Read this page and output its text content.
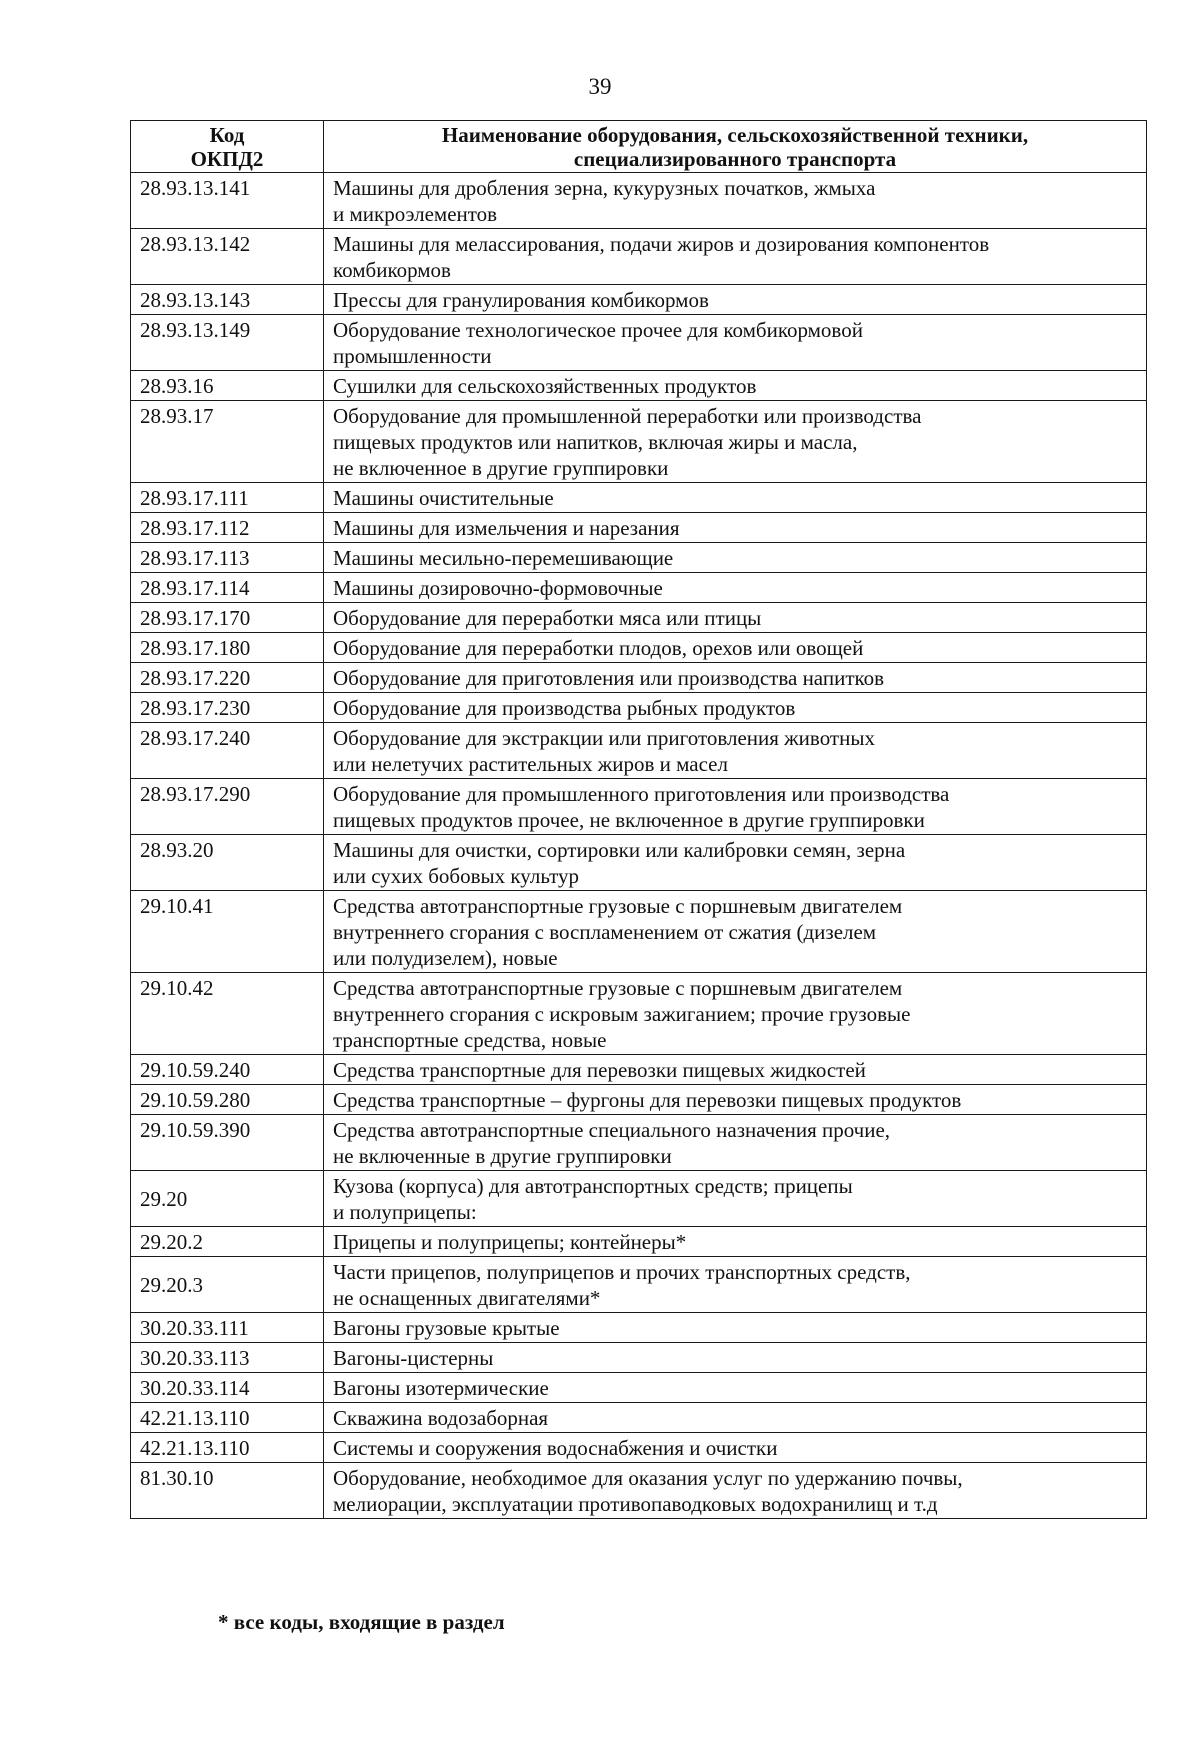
39
Код
ОКПД2	Наименование оборудования, сельскохозяйственной техники,
специализированного транспорта
28.93.13.141	Машины для дробления зерна, кукурузных початков, жмыха
и микроэлементов
28.93.13.142	Машины для мелассирования, подачи жиров и дозирования компонентов
комбикормов
28.93.13.143	Прессы для гранулирования комбикормов
28.93.13.149	Оборудование технологическое прочее для комбикормовой
промышленности
28.93.16	Сушилки для сельскохозяйственных продуктов
28.93.17	Оборудование для промышленной переработки или производства
пищевых продуктов или напитков, включая жиры и масла,
не включенное в другие группировки
28.93.17.111	Машины очистительные
28.93.17.112	Машины для измельчения и нарезания
28.93.17.113	Машины месильно-перемешивающие
28.93.17.114	Машины дозировочно-формовочные
28.93.17.170	Оборудование для переработки мяса или птицы
28.93.17.180	Оборудование для переработки плодов, орехов или овощей
28.93.17.220	Оборудование для приготовления или производства напитков
28.93.17.230	Оборудование для производства рыбных продуктов
28.93.17.240	Оборудование для экстракции или приготовления животных
или нелетучих растительных жиров и масел
28.93.17.290	Оборудование для промышленного приготовления или производства
пищевых продуктов прочее, не включенное в другие группировки
28.93.20	Машины для очистки, сортировки или калибровки семян, зерна
или сухих бобовых культур
29.10.41	Средства автотранспортные грузовые с поршневым двигателем
внутреннего сгорания с воспламенением от сжатия (дизелем
или полудизелем), новые
29.10.42	Средства автотранспортные грузовые с поршневым двигателем
внутреннего сгорания с искровым зажиганием; прочие грузовые
транспортные средства, новые
29.10.59.240	Средства транспортные для перевозки пищевых жидкостей
29.10.59.280	Средства транспортные – фургоны для перевозки пищевых продуктов
29.10.59.390	Средства автотранспортные специального назначения прочие,
не включенные в другие группировки
29.20	Кузова (корпуса) для автотранспортных средств; прицепы
и полуприцепы:
29.20.2	Прицепы и полуприцепы; контейнеры*
29.20.3	Части прицепов, полуприцепов и прочих транспортных средств,
не оснащенных двигателями*
30.20.33.111	Вагоны грузовые крытые
30.20.33.113	Вагоны-цистерны
30.20.33.114	Вагоны изотермические
42.21.13.110	Скважина водозаборная
42.21.13.110	Системы и сооружения водоснабжения и очистки
81.30.10	Оборудование, необходимое для оказания услуг по удержанию почвы,
мелиорации, эксплуатации противопаводковых водохранилищ и т.д
* все коды, входящие в раздел
